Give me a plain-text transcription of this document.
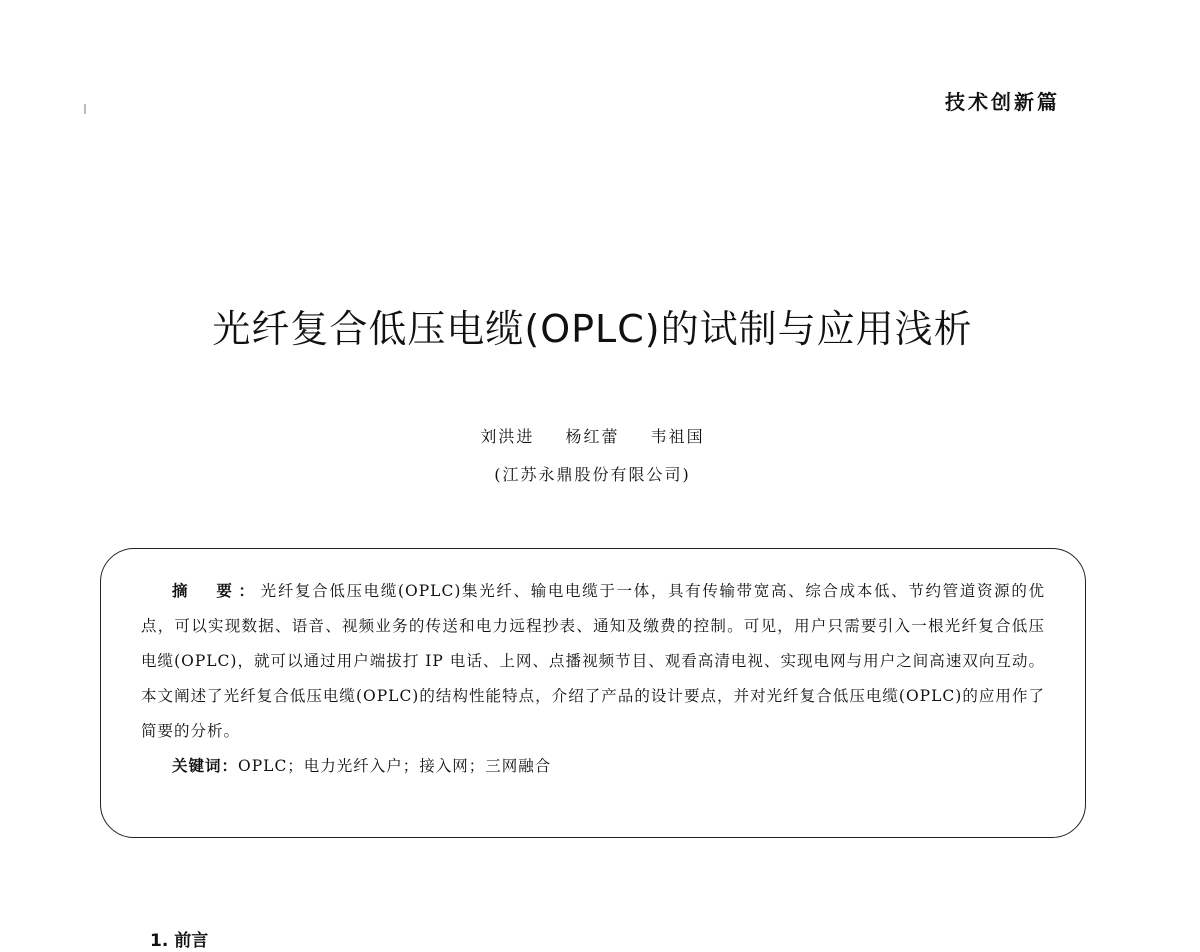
技术创新篇
光纤复合低压电缆(OPLC)的试制与应用浅析
刘洪进 杨红蕾 韦祖国
(江苏永鼎股份有限公司)

摘　要：光纤复合低压电缆(OPLC)集光纤、输电电缆于一体，具有传输带宽高、综合成本低、节约管道资源的优点，可以实现数据、语音、视频业务的传送和电力远程抄表、通知及缴费的控制。可见，用户只需要引入一根光纤复合低压电缆(OPLC)，就可以通过用户端拔打 IP 电话、上网、点播视频节目、观看高清电视、实现电网与用户之间高速双向互动。本文阐述了光纤复合低压电缆(OPLC)的结构性能特点，介绍了产品的设计要点，并对光纤复合低压电缆(OPLC)的应用作了简要的分析。

关键词：OPLC；电力光纤入户；接入网；三网融合
1. 前言
